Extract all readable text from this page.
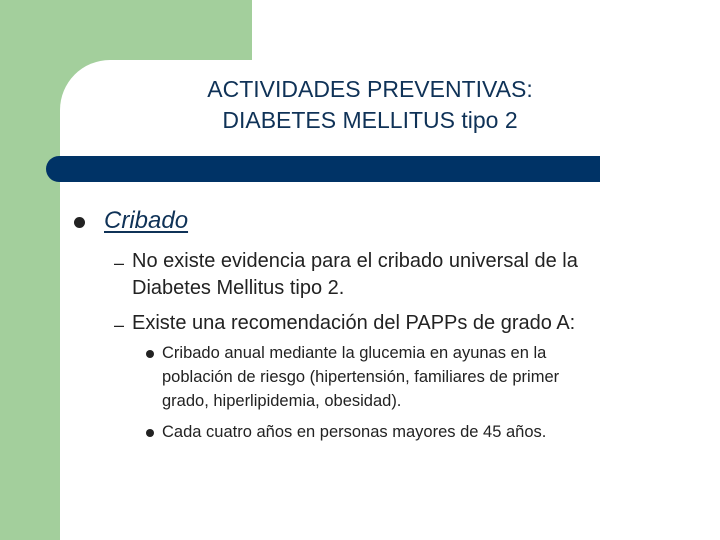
ACTIVIDADES PREVENTIVAS:
DIABETES MELLITUS tipo 2
Cribado
– No existe evidencia para el cribado universal de la
Diabetes Mellitus tipo 2.
– Existe una recomendación del PAPPs de grado A:
Cribado anual mediante la glucemia en ayunas en la
población de riesgo (hipertensión, familiares de primer
grado, hiperlipidemia, obesidad).
Cada cuatro años en personas mayores de 45 años.
